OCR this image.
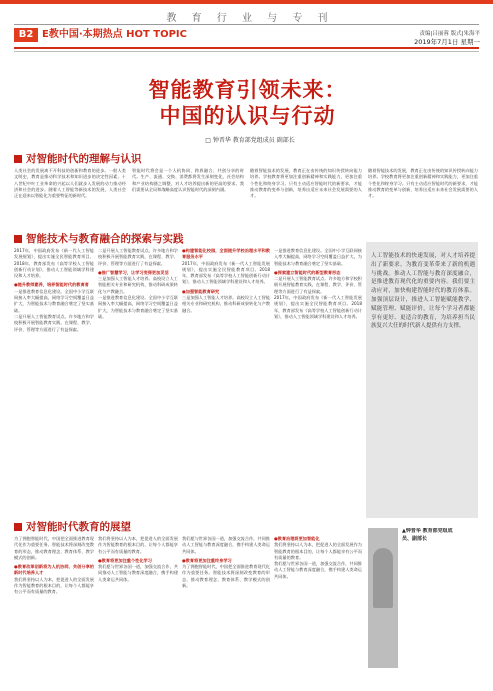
教 育 行 业 与 专 刊
B2 E教中国·本期热点 HOT TOPIC	责编|吕丽蓉 版式|朱海平
2019年7月1日 星期一
智能教育引领未来：
中国的认识与行动
□ 钟晋华 教育部党组成员 副部长
对智能时代的理解与认识
人类社会的发展离不开科技的创新和教育的进步。一般人类文明史，教育是推动科学技术和知识进步的决定性因素。十八世纪中叶工业革命的兴起以人们就步入发展的动力推动经济和社会的进步。随着人工智能等新技术的发展，人类社会正在迎来以智能化为重要特征的新时代。
智能时代将会是一个人机协同、跨界融合、共创分享的时代。生产、流通、交换、消费都将发生深刻变化，社会结构和产业结构随之调整，对人才培养提出新的更高的要求。我们需要从全局和战略高度认识智能时代的深刻内涵。
随着智能技术的发展，教育正在由传统的知识传授转向能力培养。学校教育将更加注重创新精神和实践能力，更加注重个性化和终身学习。只有主动适应智能时代的新要求，才能推动教育的变革与创新，培养出适应未来社会发展需要的人才。
随着智能技术的发展，教育正在由传统的知识传授转向能力培养。学校教育将更加注重创新精神和实践能力，更加注重个性化和终身学习。只有主动适应智能时代的新要求，才能推动教育的变革与创新，培养出适应未来社会发展需要的人才。
智能技术与教育融合的探索与实践
2017年，中国政府发布《新一代人工智能发展规划》，提出实施全民智能教育项目。2018年，教育部发布《高等学校人工智能创新行动计划》，推动人工智能领域学科建设和人才培养。
●提升教师素养，培养智能时代的教育者
一是推进教育信息化建设。全国中小学互联网接入率大幅提高，网络学习空间覆盖日益扩大，为智能技术与教育融合奠定了坚实基础。
二是开展人工智能教育试点。许多地方和学校积极开展智能教育实践，在课程、教学、评价、管理等方面进行了有益探索。
二是开展人工智能教育试点。许多地方和学校积极开展智能教育实践，在课程、教学、评价、管理等方面进行了有益探索。
●推广智慧学习，让学习变得更加灵活
三是加强人工智能人才培养。高校设立人工智能相关专业和研究机构，推动科研成果转化与产教融合。
一是推进教育信息化建设。全国中小学互联网接入率大幅提高，网络学习空间覆盖日益扩大，为智能技术与教育融合奠定了坚实基础。
●构建智能化校园，全面提升学校治理水平和教育服务水平
2017年，中国政府发布《新一代人工智能发展规划》，提出实施全民智能教育项目。2018年，教育部发布《高等学校人工智能创新行动计划》，推动人工智能领域学科建设和人才培养。
●加强智能教育研究
三是加强人工智能人才培养。高校设立人工智能相关专业和研究机构，推动科研成果转化与产教融合。
一是推进教育信息化建设。全国中小学互联网接入率大幅提高，网络学习空间覆盖日益扩大，为智能技术与教育融合奠定了坚实基础。
●探索建立智能时代的新型教育形态
二是开展人工智能教育试点。许多地方和学校积极开展智能教育实践，在课程、教学、评价、管理等方面进行了有益探索。
2017年，中国政府发布《新一代人工智能发展规划》，提出实施全民智能教育项目。2018年，教育部发布《高等学校人工智能创新行动计划》，推动人工智能领域学科建设和人才培养。
人工智能技术的快速发展，对人才培养提出了新要求。为教育变革带来了新的机遇与挑战。推动人工智能与教育深度融合，是推进教育现代化的重要内容。我们要主动应对，加快构建智能时代的教育体系。加强顶层设计，推进人工智能赋能教学、赋能管理、赋能评价，让每个学习者都能享有更好、更适合的教育，为培养担当民族复兴大任的时代新人提供有力支撑。
对智能时代教育的展望
为了拥抱智能时代，中国把全面推进教育现代化作为重要任务。智能技术将深刻改变教育的形态，推动教育理念、教育体系、教学模式的创新。
●教育改革创新将为人机协同、共创分享的新时代培养人才
我们将坚持以人为本，把促进人的全面发展作为智能教育的根本目的，让每个人都能享有公平而有质量的教育。
我们将坚持以人为本，把促进人的全面发展作为智能教育的根本目的，让每个人都能享有公平而有质量的教育。
●教育将更加注重个性化学习
我们愿与世界各国一道，加强交流合作，共同推动人工智能与教育深度融合，携手构建人类命运共同体。
我们愿与世界各国一道，加强交流合作，共同推动人工智能与教育深度融合，携手构建人类命运共同体。
●教育将更加注重终身学习
为了拥抱智能时代，中国把全面推进教育现代化作为重要任务。智能技术将深刻改变教育的形态，推动教育理念、教育体系、教学模式的创新。
●教育治理将更加智能化
我们将坚持以人为本，把促进人的全面发展作为智能教育的根本目的，让每个人都能享有公平而有质量的教育。
我们愿与世界各国一道，加强交流合作，共同推动人工智能与教育深度融合，携手构建人类命运共同体。
▲钟晋华 教育部党组成员、副部长
